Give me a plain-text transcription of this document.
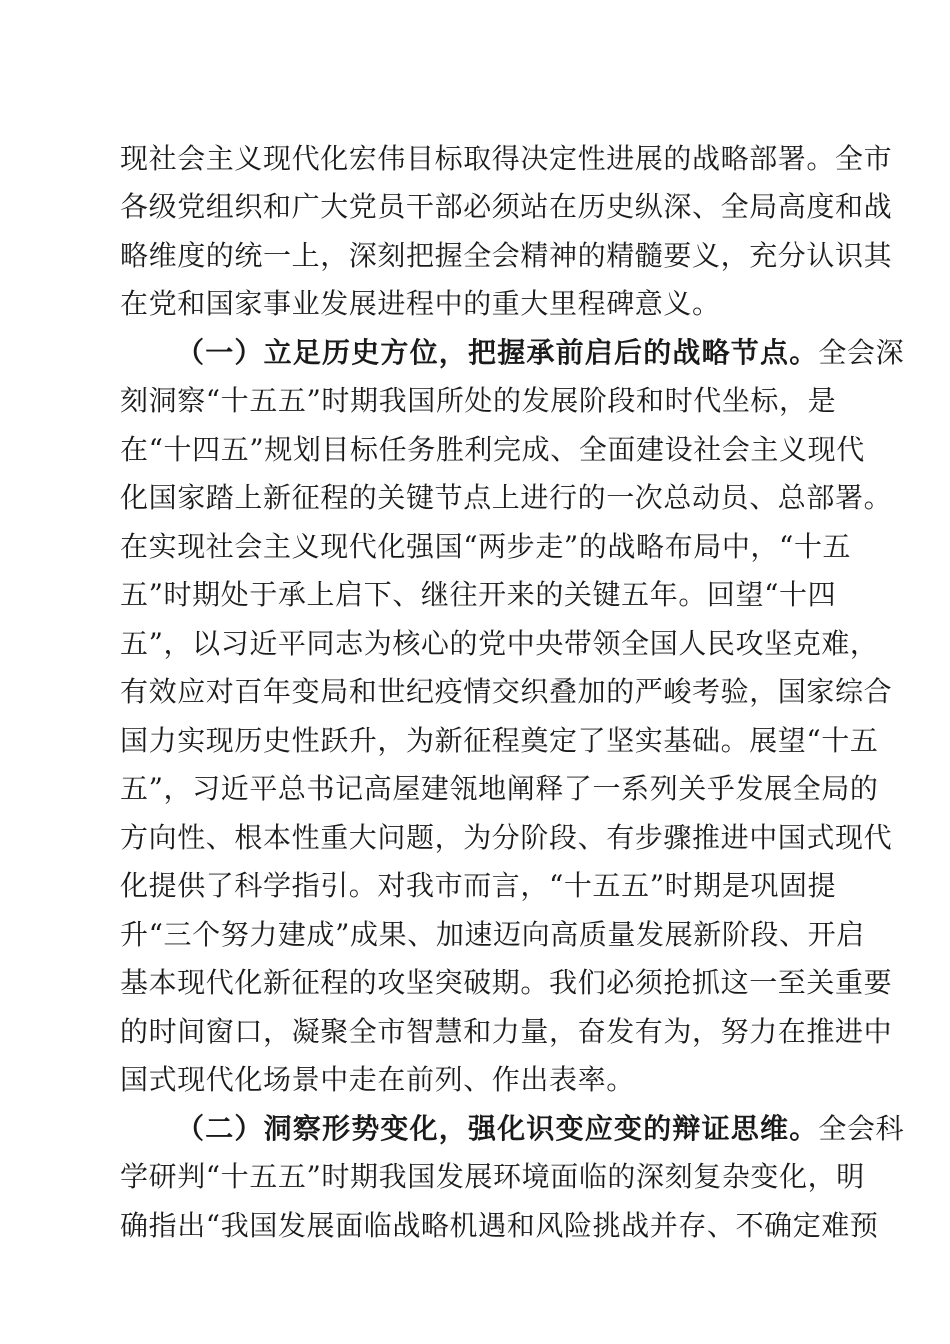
现社会主义现代化宏伟目标取得决定性进展的战略部署。全市
各级党组织和广大党员干部必须站在历史纵深、全局高度和战
略维度的统一上，深刻把握全会精神的精髓要义，充分认识其
在党和国家事业发展进程中的重大里程碑意义。
（一）立足历史方位，把握承前启后的战略节点。全会深
刻洞察“十五五”时期我国所处的发展阶段和时代坐标，是
在“十四五”规划目标任务胜利完成、全面建设社会主义现代
化国家踏上新征程的关键节点上进行的一次总动员、总部署。
在实现社会主义现代化强国“两步走”的战略布局中，“十五
五”时期处于承上启下、继往开来的关键五年。回望“十四
五”，以习近平同志为核心的党中央带领全国人民攻坚克难，
有效应对百年变局和世纪疫情交织叠加的严峻考验，国家综合
国力实现历史性跃升，为新征程奠定了坚实基础。展望“十五
五”，习近平总书记高屋建瓴地阐释了一系列关乎发展全局的
方向性、根本性重大问题，为分阶段、有步骤推进中国式现代
化提供了科学指引。对我市而言，“十五五”时期是巩固提
升“三个努力建成”成果、加速迈向高质量发展新阶段、开启
基本现代化新征程的攻坚突破期。我们必须抢抓这一至关重要
的时间窗口，凝聚全市智慧和力量，奋发有为，努力在推进中
国式现代化场景中走在前列、作出表率。
（二）洞察形势变化，强化识变应变的辩证思维。全会科
学研判“十五五”时期我国发展环境面临的深刻复杂变化，明
确指出“我国发展面临战略机遇和风险挑战并存、不确定难预
